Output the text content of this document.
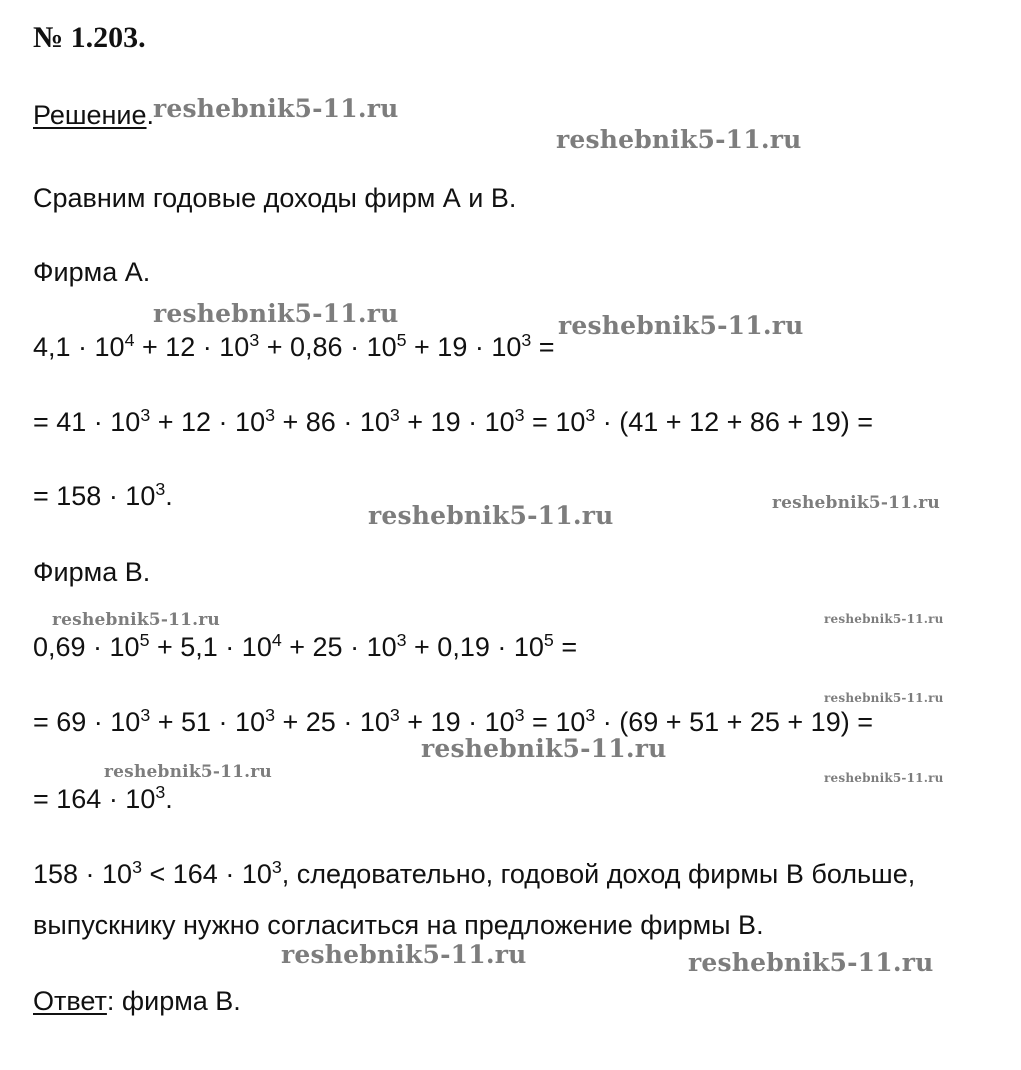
№ 1.203.
Решение.
Сравним годовые доходы фирм А и В.
Фирма А.
$4,1 \cdot 10^4 + 12 \cdot 10^3 + 0,86 \cdot 10^5 + 19 \cdot 10^3$ =
= $41 \cdot 10^3 + 12 \cdot 10^3 + 86 \cdot 10^3 + 19 \cdot 10^3 = 10^3 \cdot (41 + 12 + 86 + 19)$ =
= $158 \cdot 10^3$.
Фирма В.
$0,69 \cdot 10^5 + 5,1 \cdot 10^4 + 25 \cdot 10^3 + 0,19 \cdot 10^5$ =
= $69 \cdot 10^3 + 51 \cdot 10^3 + 25 \cdot 10^3 + 19 \cdot 10^3 = 10^3 \cdot (69 + 51 + 25 + 19)$ =
= $164 \cdot 10^3$.
$158 \cdot 10^3 < 164 \cdot 10^3$, следовательно, годовой доход фирмы В больше,
выпускнику нужно согласиться на предложение фирмы В.
Ответ: фирма В.
reshebnik5-11.ru
reshebnik5-11.ru
reshebnik5-11.ru	reshebnik5-11.ru
reshebnik5-11.ru	reshebnik5-11.ru
reshebnik5-11.ru	reshebnik5-11.ru
reshebnik5-11.ru
reshebnik5-11.ru
reshebnik5-11.ru	reshebnik5-11.ru
reshebnik5-11.ru	reshebnik5-11.ru
